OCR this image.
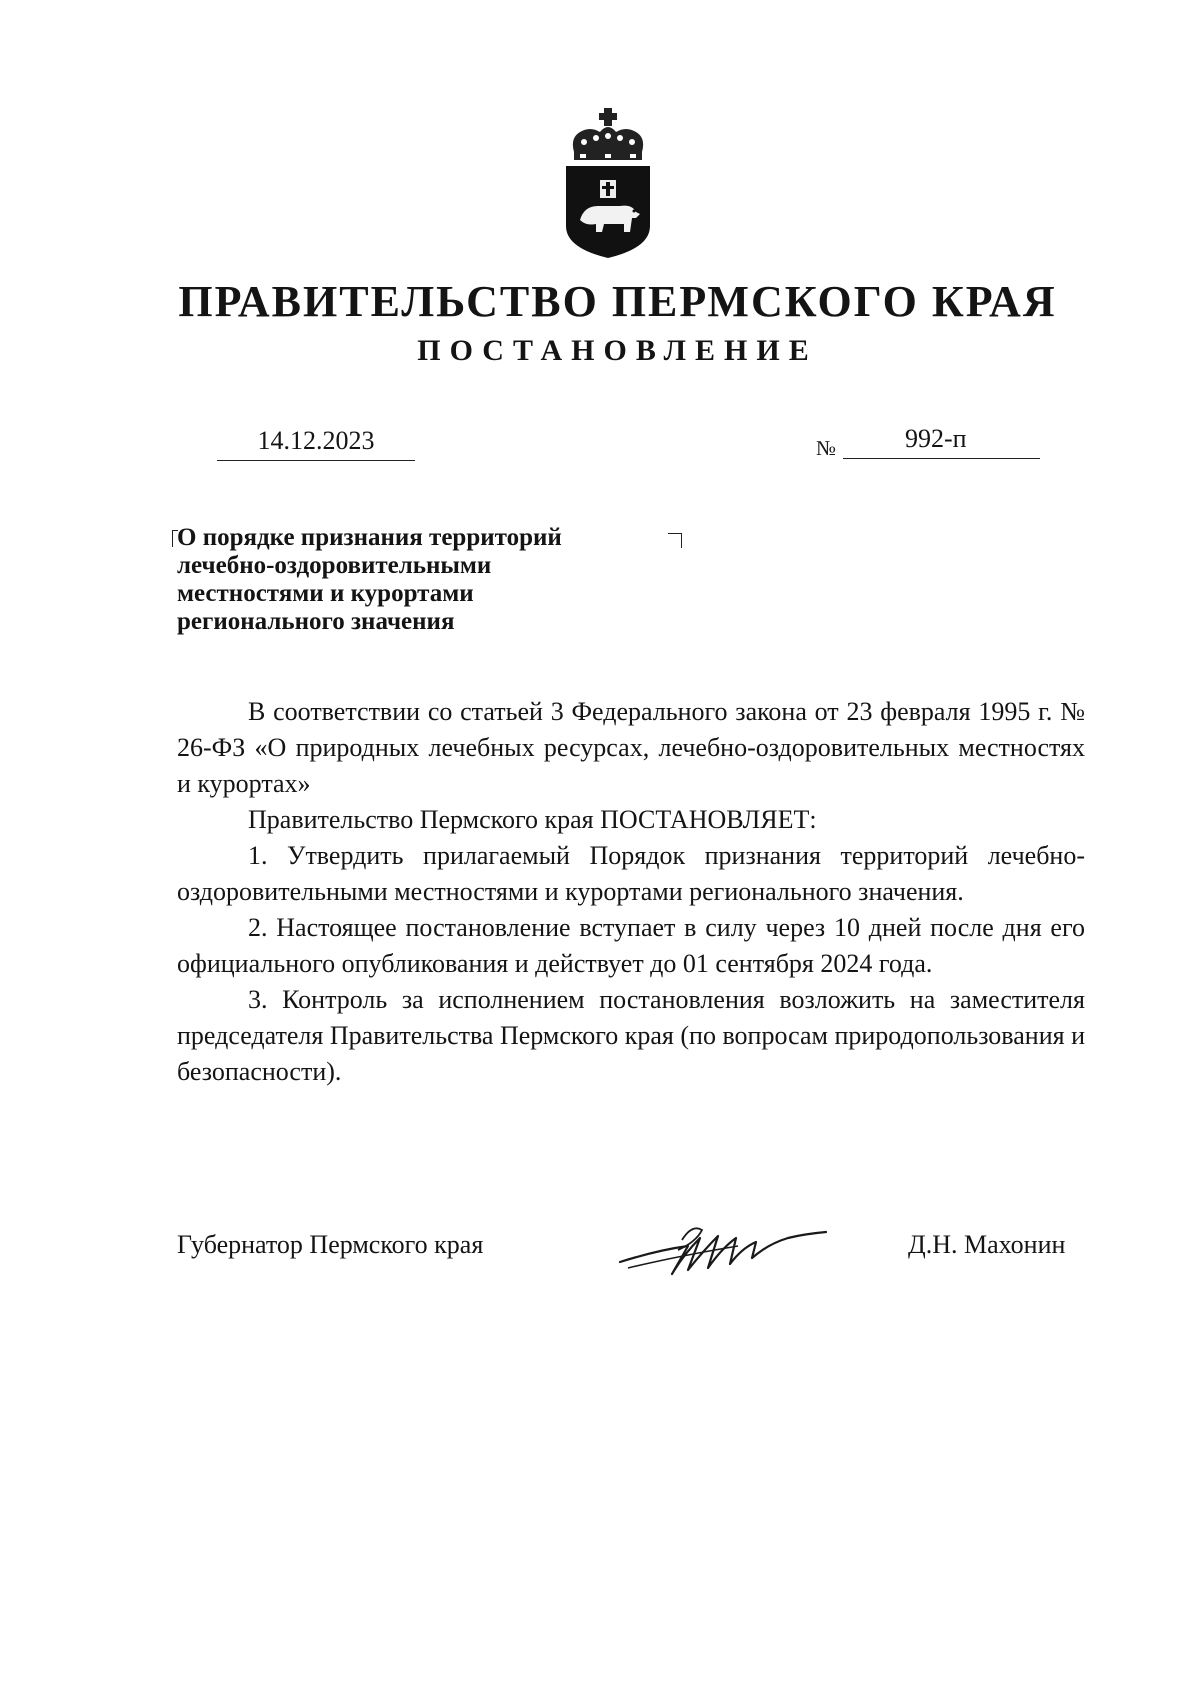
ПРАВИТЕЛЬСТВО ПЕРМСКОГО КРАЯ
ПОСТАНОВЛЕНИЕ
14.12.2023	№	992-п
О порядке признания территорий
лечебно-оздоровительными
местностями и курортами
регионального значения

В соответствии со статьей 3 Федерального закона от 23 февраля 1995 г. № 26-ФЗ «О природных лечебных ресурсах, лечебно-оздоровительных местностях и курортах»

Правительство Пермского края ПОСТАНОВЛЯЕТ:

1. Утвердить прилагаемый Порядок признания территорий лечебно-оздоровительными местностями и курортами регионального значения.

2. Настоящее постановление вступает в силу через 10 дней после дня его официального опубликования и действует до 01 сентября 2024 года.

3. Контроль за исполнением постановления возложить на заместителя председателя Правительства Пермского края (по вопросам природопользования и безопасности).

Губернатор Пермского края	Д.Н. Махонин
